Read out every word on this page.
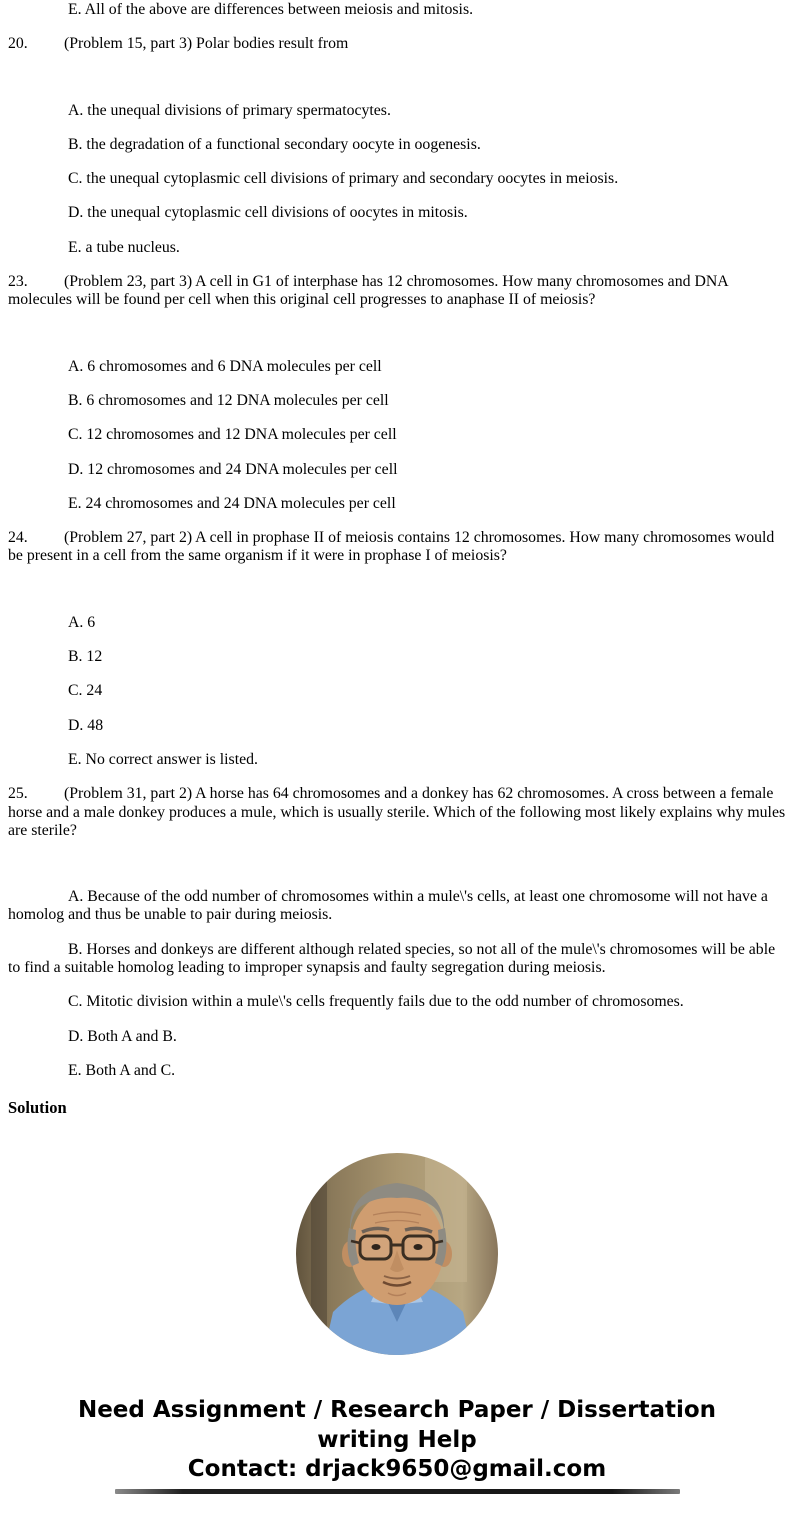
E. All of the above are differences between meiosis and mitosis.

20. (Problem 15, part 3) Polar bodies result from

A. the unequal divisions of primary spermatocytes.

B. the degradation of a functional secondary oocyte in oogenesis.

C. the unequal cytoplasmic cell divisions of primary and secondary oocytes in meiosis.

D. the unequal cytoplasmic cell divisions of oocytes in mitosis.

E. a tube nucleus.

23. (Problem 23, part 3) A cell in G1 of interphase has 12 chromosomes. How many chromosomes and DNA molecules will be found per cell when this original cell progresses to anaphase II of meiosis?

A. 6 chromosomes and 6 DNA molecules per cell

B. 6 chromosomes and 12 DNA molecules per cell

C. 12 chromosomes and 12 DNA molecules per cell

D. 12 chromosomes and 24 DNA molecules per cell

E. 24 chromosomes and 24 DNA molecules per cell

24. (Problem 27, part 2) A cell in prophase II of meiosis contains 12 chromosomes. How many chromosomes would be present in a cell from the same organism if it were in prophase I of meiosis?

A. 6

B. 12

C. 24

D. 48

E. No correct answer is listed.

25. (Problem 31, part 2) A horse has 64 chromosomes and a donkey has 62 chromosomes. A cross between a female horse and a male donkey produces a mule, which is usually sterile. Which of the following most likely explains why mules are sterile?

A. Because of the odd number of chromosomes within a mule\'s cells, at least one chromosome will not have a homolog and thus be unable to pair during meiosis.

B. Horses and donkeys are different although related species, so not all of the mule\'s chromosomes will be able to find a suitable homolog leading to improper synapsis and faulty segregation during meiosis.

C. Mitotic division within a mule\'s cells frequently fails due to the odd number of chromosomes.

D. Both A and B.

E. Both A and C.

Solution
Need Assignment / Research Paper / Dissertation
writing Help
Contact: drjack9650@gmail.com
